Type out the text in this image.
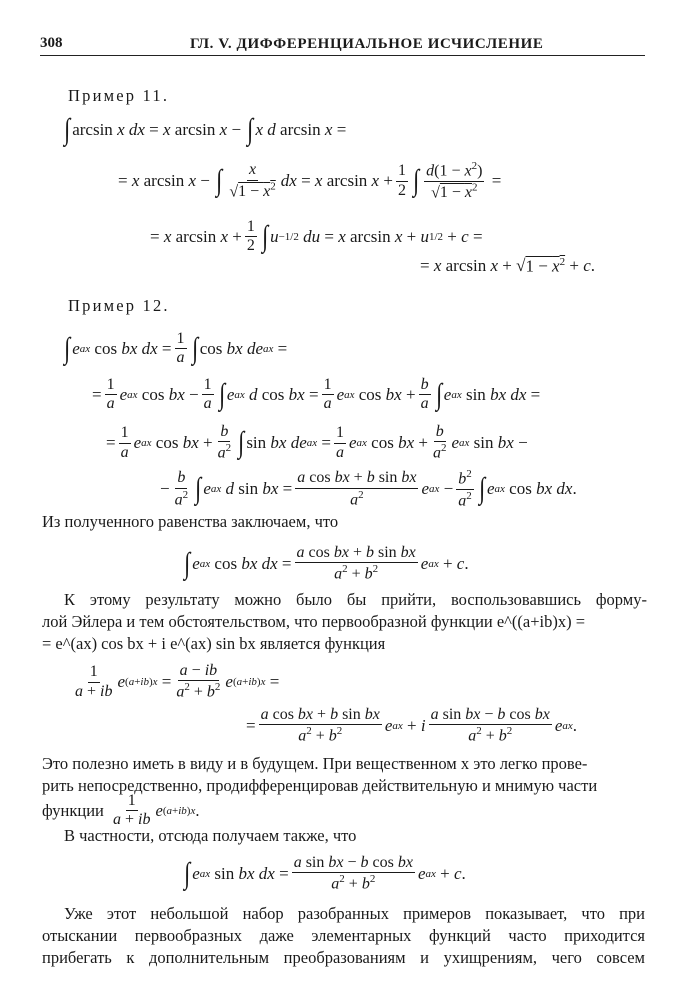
308	ГЛ. V. ДИФФЕРЕНЦИАЛЬНОЕ ИСЧИСЛЕНИЕ
Пример 11.
∫ arcsin x dx = x arcsin x − ∫ x d arcsin x =
= x arcsin x − ∫ $\frac{x}{√1 - x^2}$ dx = x $\arcsin x + \frac{1}{2}$ ∫ $\frac{d(1 - x^2)}{√1 - x^2}$ =
= x $\arcsin x + \frac{1}{2}$ ∫ u −1/2
du = x arcsin x + u 1/2 + c =
= x arcsin x + √ $1 - x^2 + c$ .
Пример 12.
∫ e ax cos bx dx = $\frac{1}{a}$ ∫ cos bx de ax =
= $\frac{1}{a}$ e ax cos bx − $\frac{1}{a}$ ∫ e ax
d cos bx = $\frac{1}{a}$ e ax cos bx + $\frac{b}{a}$ ∫ e ax sin bx dx =
= $\frac{1}{a}$ e ax cos bx + $\frac{b}{a^2}$ ∫ sin bx de ax = $\frac{1}{a}$ e ax cos bx + $\frac{b}{a^2}$ e ax sin bx −
− $\frac{b}{a^2}$ ∫ e ax
d sin bx = $\frac{\text{a cos bx + b sin bx}}{a^2}$ e ax − $\frac{b^2}{a^2}$ ∫ e ax cos bx dx .
Из полученного равенства заключаем, что
∫ e ax cos bx dx = $\frac{\text{a cos bx + b sin bx}}{a^2 + b^2}$ e ax + c .
К этому результату можно было бы прийти, воспользовавшись форму-
лой Эйлера и тем обстоятельством, что первообразной функции e^((a+ib)x) =
= e^(ax) cos bx + i e^(ax) sin bx является функция
$\frac{1}{a + ib}$ e $(a+ib)x = \frac{a - ib}{a^2 + b^2}$ e (a+ib)x =
= $\frac{\text{a cos bx + b sin bx}}{a^2 + b^2}$ e ax + i $\frac{\text{a sin bx − b cos bx}}{a^2 + b^2}$ e ax .
Это полезно иметь в виду и в будущем. При вещественном x это легко прове-
рить непосредственно, продифференцировав действительную и мнимую части
функции $\frac{1}{a + ib}$ e (a+ib)x .
В частности, отсюда получаем также, что
∫ e ax sin bx dx = $\frac{\text{a sin bx − b cos bx}}{a^2 + b^2}$ e ax + c .
Уже этот небольшой набор разобранных примеров показывает, что при
отыскании первообразных даже элементарных функций часто приходится
прибегать к дополнительным преобразованиям и ухищрениям, чего совсем
